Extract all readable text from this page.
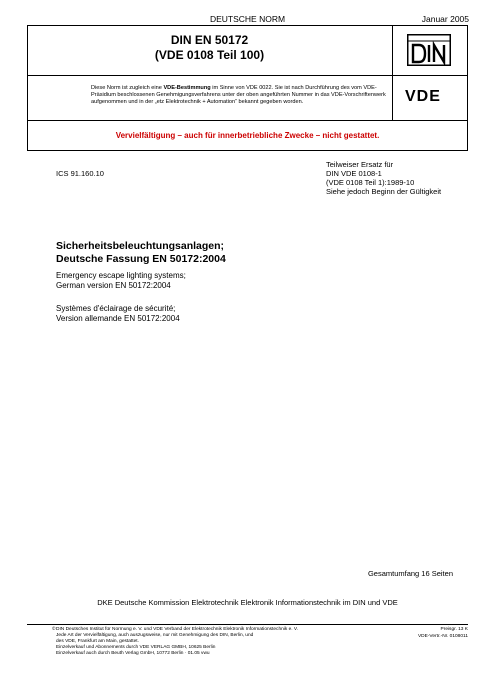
DEUTSCHE NORM	Januar 2005
DIN EN 50172
(VDE 0108 Teil 100)
Diese Norm ist zugleich eine VDE-Bestimmung im Sinne von VDE 0022. Sie ist nach Durchführung des vom VDE-Präsidium beschlossenen Genehmigungsverfahrens unter der oben angeführten Nummer in das VDE-Vorschriftenwerk aufgenommen und in der „etz Elektrotechnik + Automation“ bekannt gegeben worden.	VDE
Vervielfältigung – auch für innerbetriebliche Zwecke – nicht gestattet.
ICS 91.160.10
Teilweiser Ersatz für
DIN VDE 0108-1
(VDE 0108 Teil 1):1989-10
Siehe jedoch Beginn der Gültigkeit
Sicherheitsbeleuchtungsanlagen;
Deutsche Fassung EN 50172:2004
Emergency escape lighting systems;
German version EN 50172:2004
Systèmes d'éclairage de sécurité;
Version allemande EN 50172:2004
Gesamtumfang 16 Seiten
DKE Deutsche Kommission Elektrotechnik Elektronik Informationstechnik im DIN und VDE
© DIN Deutsches Institut für Normung e. V. und VDE Verband der Elektrotechnik Elektronik Informationstechnik e. V.
Jede Art der Vervielfältigung, auch auszugsweise, nur mit Genehmigung des DIN, Berlin, und
des VDE, Frankfurt am Main, gestattet.
Einzelverkauf und Abonnements durch VDE VERLAG GMBH, 10625 Berlin
Einzelverkauf auch durch Beuth Verlag GmbH, 10772 Berlin · 01.05 vwu
Preisgr. 13 K
VDE-Vertr.-Nr. 0108011
